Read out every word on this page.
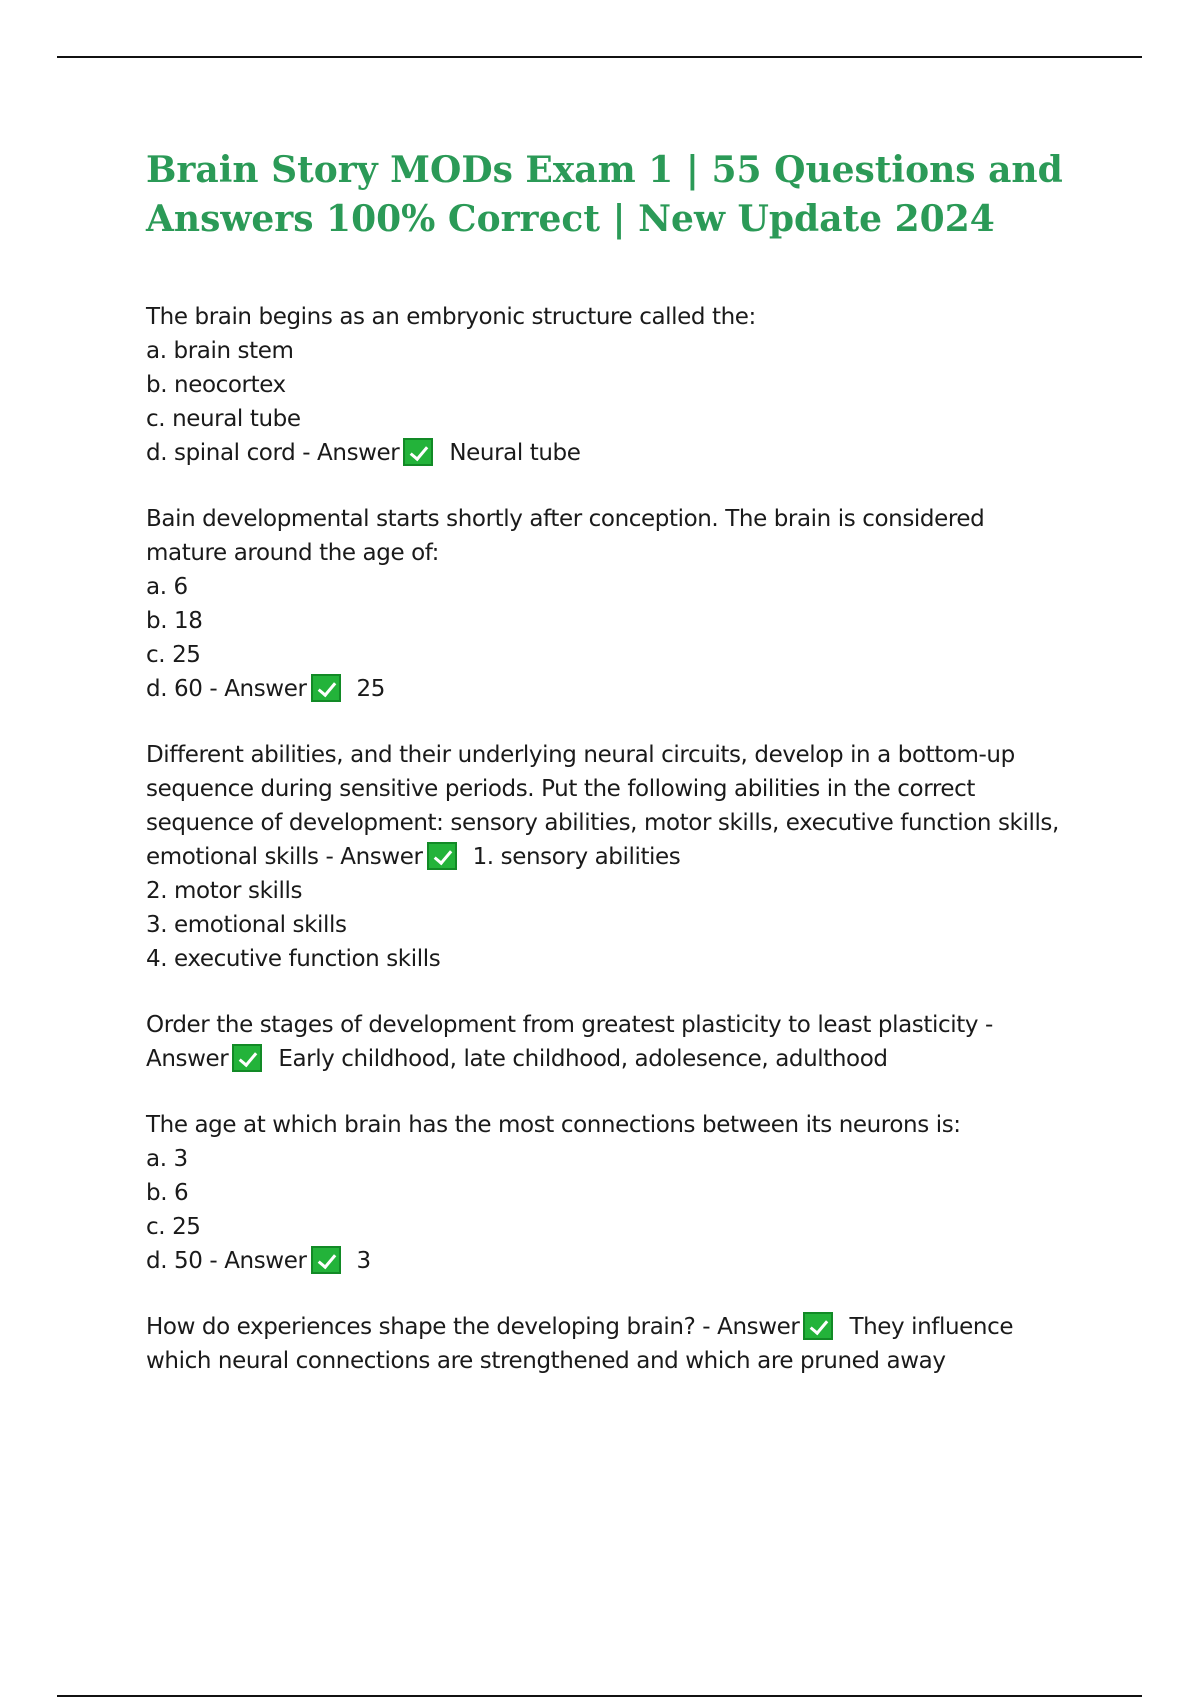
Brain Story MODs Exam 1 | 55 Questions and
Answers 100% Correct | New Update 2024
The brain begins as an embryonic structure called the:
a. brain stem
b. neocortex
c. neural tube
d. spinal cord - Answer Neural tube
Bain developmental starts shortly after conception. The brain is considered
mature around the age of:
a. 6
b. 18
c. 25
d. 60 - Answer 25
Different abilities, and their underlying neural circuits, develop in a bottom-up
sequence during sensitive periods. Put the following abilities in the correct
sequence of development: sensory abilities, motor skills, executive function skills,
emotional skills - Answer 1. sensory abilities
2. motor skills
3. emotional skills
4. executive function skills
Order the stages of development from greatest plasticity to least plasticity -
Answer Early childhood, late childhood, adolesence, adulthood
The age at which brain has the most connections between its neurons is:
a. 3
b. 6
c. 25
d. 50 - Answer 3
How do experiences shape the developing brain? - Answer They influence
which neural connections are strengthened and which are pruned away
